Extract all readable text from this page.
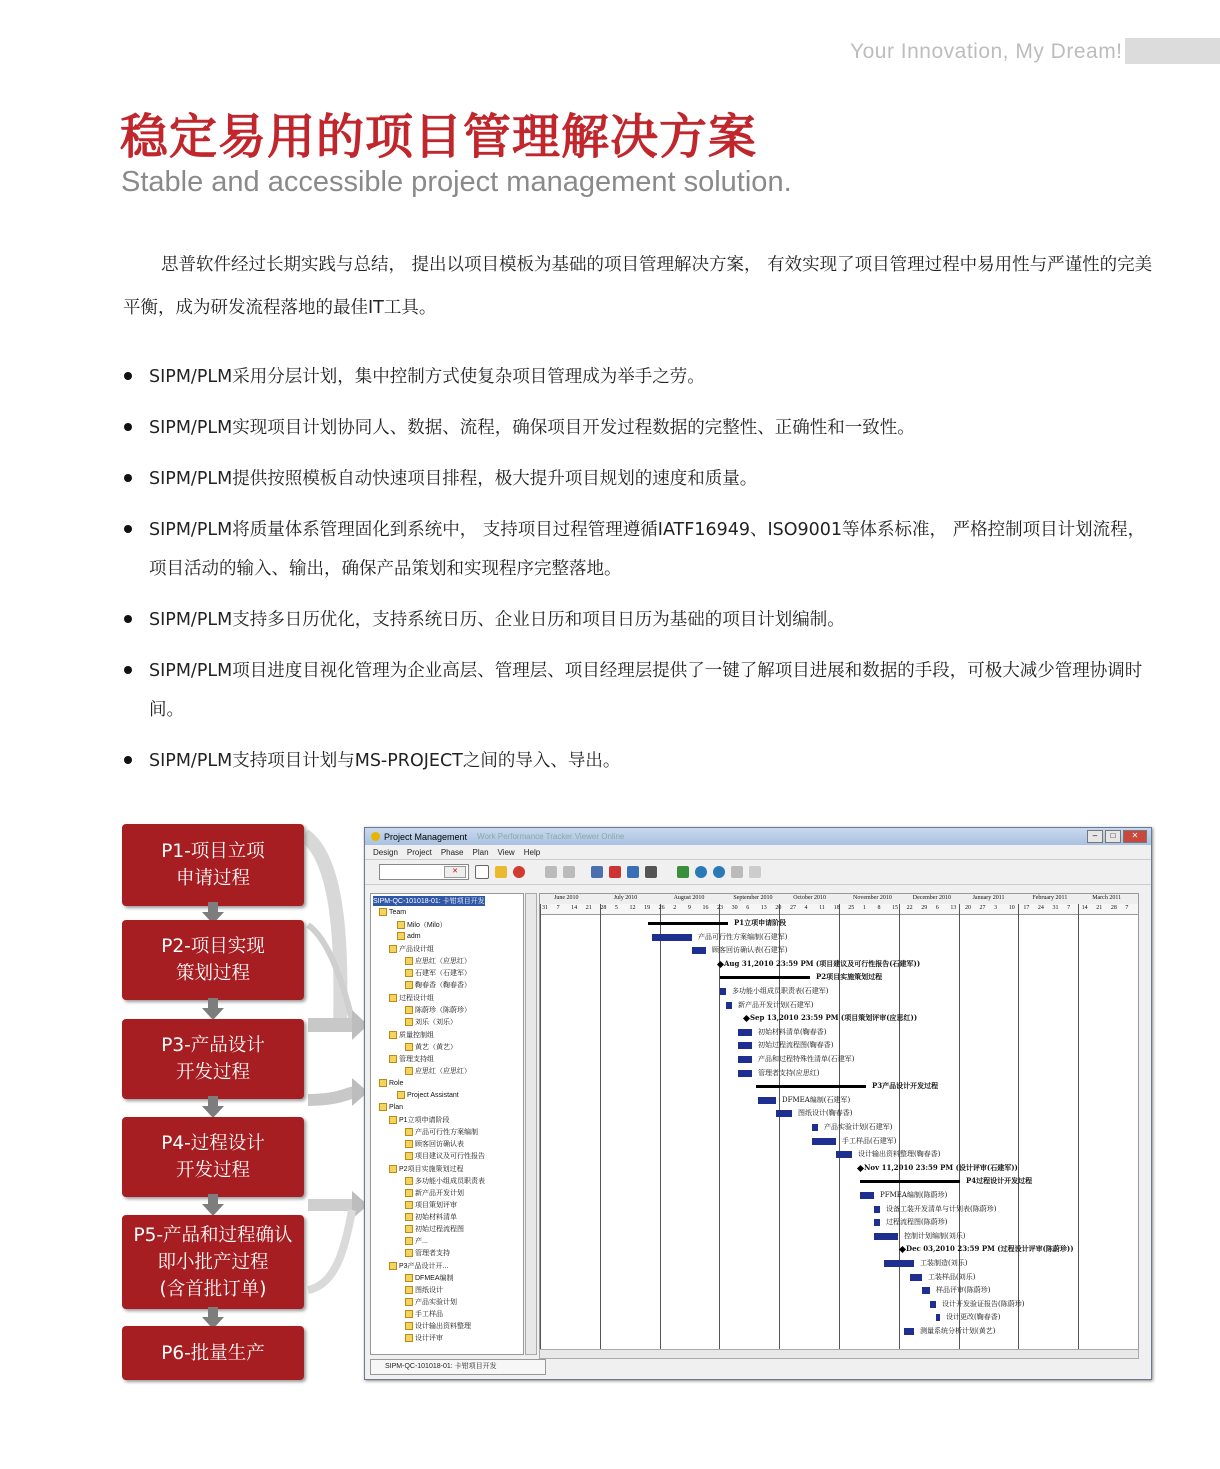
Your Innovation, My Dream!
稳定易用的项目管理解决方案
Stable and accessible project management solution.
思普软件经过长期实践与总结， 提出以项目模板为基础的项目管理解决方案， 有效实现了项目管理过程中易用性与严谨性的完美平衡，成为研发流程落地的最佳IT工具。
SIPM/PLM采用分层计划，集中控制方式使复杂项目管理成为举手之劳。
SIPM/PLM实现项目计划协同人、数据、流程，确保项目开发过程数据的完整性、正确性和一致性。
SIPM/PLM提供按照模板自动快速项目排程，极大提升项目规划的速度和质量。
SIPM/PLM将质量体系管理固化到系统中， 支持项目过程管理遵循IATF16949、ISO9001等体系标准， 严格控制项目计划流程，项目活动的输入、输出，确保产品策划和实现程序完整落地。
SIPM/PLM支持多日历优化，支持系统日历、企业日历和项目日历为基础的项目计划编制。
SIPM/PLM项目进度目视化管理为企业高层、管理层、项目经理层提供了一键了解项目进展和数据的手段，可极大减少管理协调时间。
SIPM/PLM支持项目计划与MS-PROJECT之间的导入、导出。
P1-项目立项
申请过程
P2-项目实现
策划过程
P3-产品设计
开发过程
P4-过程设计
开发过程
P5-产品和过程确认
即小批产过程
(含首批订单)
P6-批量生产
Project Management Work Performance Tracker Viewer Online	–	□	✕
Design Project Phase Plan View Help
✕
SIPM-QC-101018-01: 卡钳项目开发
Team
Milo（Milo）
adm
产品设计组
应思红（应思红）
石建军（石建军）
鞠春香（鞠春香）
过程设计组
陈蔚珍（陈蔚珍）
刘乐（刘乐）
质量控制组
黄艺（黄艺）
管理支持组
应思红（应思红）
Role
Project Assistant
Plan
P1立项申请阶段
产品可行性方案编制
顾客回访确认表
项目建议及可行性报告
P2项目实施策划过程
多功能小组成员职责表
新产品开发计划
项目策划评审
初始材料清单
初始过程流程图
产...
管理者支持
P3产品设计开...
DFMEA编制
图纸设计
产品实验计划
手工样品
设计输出资料整理
设计评审
June 2010	July 2010	August 2010	September 2010	October 2010	November 2010	December 2010	January 2011	February 2011	March 2011
31 7 14 21 28 5 12 19 26 2 9 16 23 30 6 13 20 27 4 11 18 25 1 8 15 22 29 6 13 20 27 3 10 17 24 31 7 14 21 28 7
P1立项申请阶段
产品可行性方案编制(石建军)
顾客回访确认表(石建军)
Aug 31,2010 23:59 PM (项目建议及可行性报告(石建军))
P2项目实施策划过程
多功能小组成员职责表(石建军)
新产品开发计划(石建军)
Sep 13,2010 23:59 PM (项目策划评审(应思红))
初始材料清单(鞠春香)
初始过程流程图(鞠春香)
产品和过程特殊性清单(石建军)
管理者支持(应思红)
P3产品设计开发过程
DFMEA编制(石建军)
图纸设计(鞠春香)
产品实验计划(石建军)
手工样品(石建军)
设计输出资料整理(鞠春香)
Nov 11,2010 23:59 PM (设计评审(石建军))
P4过程设计开发过程
PFMEA编制(陈蔚珍)
设备工装开发清单与计划表(陈蔚珍)
过程流程图(陈蔚珍)
控制计划编制(刘乐)
Dec 03,2010 23:59 PM (过程设计评审(陈蔚珍))
工装制造(刘乐)
工装样品(刘乐)
样品评审(陈蔚珍)
设计开发验证报告(陈蔚珍)
设计更改(鞠春香)
测量系统分析计划(黄艺)
SIPM-QC-101018-01: 卡钳项目开发
